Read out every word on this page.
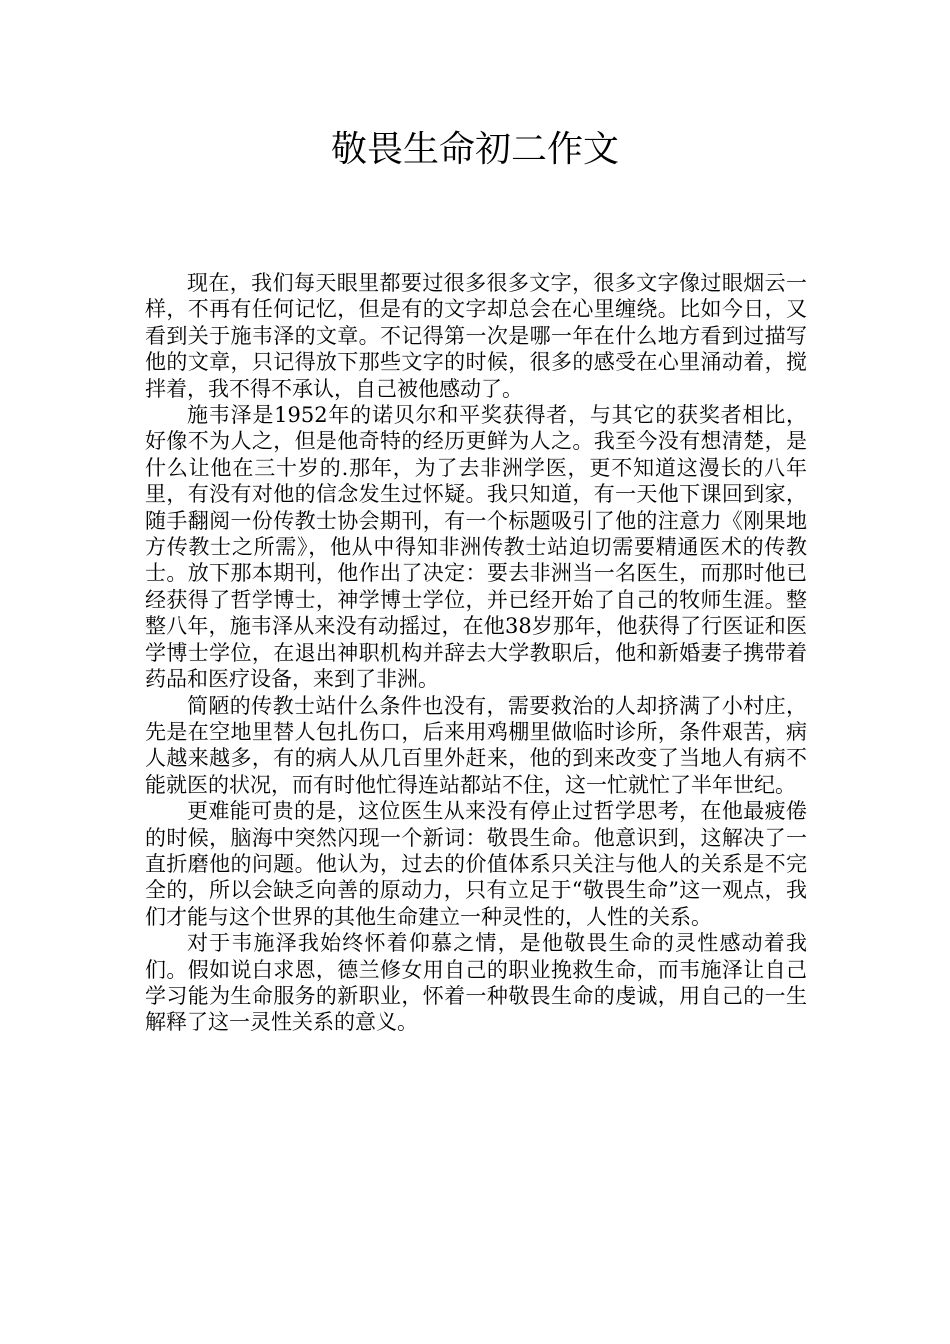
敬畏生命初二作文

现在，我们每天眼里都要过很多很多文字，很多文字像过眼烟云一样，不再有任何记忆，但是有的文字却总会在心里缠绕。比如今日，又看到关于施韦泽的文章。不记得第一次是哪一年在什么地方看到过描写他的文章，只记得放下那些文字的时候，很多的感受在心里涌动着，搅拌着，我不得不承认，自己被他感动了。

施韦泽是1952年的诺贝尔和平奖获得者，与其它的获奖者相比，好像不为人之，但是他奇特的经历更鲜为人之。我至今没有想清楚，是什么让他在三十岁的.那年，为了去非洲学医，更不知道这漫长的八年里，有没有对他的信念发生过怀疑。我只知道，有一天他下课回到家，随手翻阅一份传教士协会期刊，有一个标题吸引了他的注意力《刚果地方传教士之所需》，他从中得知非洲传教士站迫切需要精通医术的传教士。放下那本期刊，他作出了决定：要去非洲当一名医生，而那时他已经获得了哲学博士，神学博士学位，并已经开始了自己的牧师生涯。整整八年，施韦泽从来没有动摇过，在他38岁那年，他获得了行医证和医学博士学位，在退出神职机构并辞去大学教职后，他和新婚妻子携带着药品和医疗设备，来到了非洲。

简陋的传教士站什么条件也没有，需要救治的人却挤满了小村庄，先是在空地里替人包扎伤口，后来用鸡棚里做临时诊所，条件艰苦，病人越来越多，有的病人从几百里外赶来，他的到来改变了当地人有病不能就医的状况，而有时他忙得连站都站不住，这一忙就忙了半年世纪。

更难能可贵的是，这位医生从来没有停止过哲学思考，在他最疲倦的时候，脑海中突然闪现一个新词：敬畏生命。他意识到，这解决了一直折磨他的问题。他认为，过去的价值体系只关注与他人的关系是不完全的，所以会缺乏向善的原动力，只有立足于“敬畏生命”这一观点，我们才能与这个世界的其他生命建立一种灵性的，人性的关系。

对于韦施泽我始终怀着仰慕之情，是他敬畏生命的灵性感动着我们。假如说白求恩，德兰修女用自己的职业挽救生命，而韦施泽让自己学习能为生命服务的新职业，怀着一种敬畏生命的虔诚，用自己的一生解释了这一灵性关系的意义。
